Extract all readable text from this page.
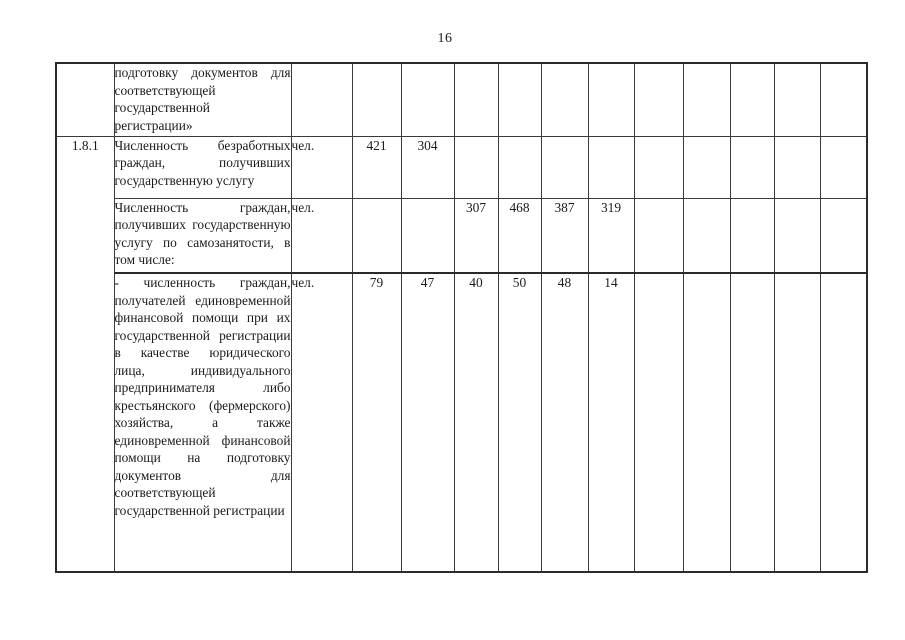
16
	подготовку документов для соответствующей государственной регистрации»												
1.8.1	Численность безработных граждан, получивших государственную услугу	чел.	421	304									
	Численность граждан, получивших государственную услугу по самозанятости, в том числе:	чел.			307	468	387	319					
	- численность граждан, получателей единовременной финансовой помощи при их государственной регистрации в качестве юридического лица, индивидуального предпринимателя либо крестьянского (фермерского) хозяйства, а также единовременной финансовой помощи на подготовку документов для соответствующей государственной регистрации	чел.	79	47	40	50	48	14					
